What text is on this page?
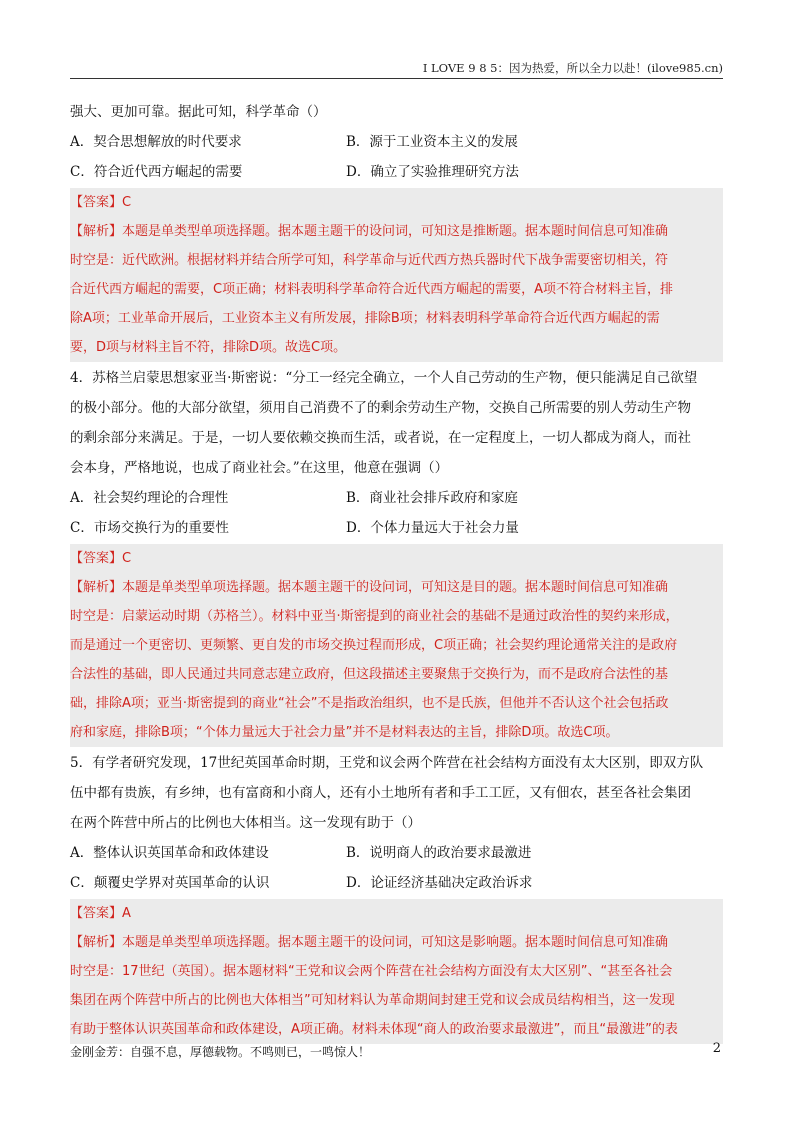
I LOVE 9 8 5：因为热爱，所以全力以赴！(ilove985.cn)
强大、更加可靠。据此可知，科学革命（）
A．契合思想解放的时代要求	B．源于工业资本主义的发展
C．符合近代西方崛起的需要	D．确立了实验推理研究方法
【答案】C
【解析】本题是单类型单项选择题。据本题主题干的设问词，可知这是推断题。据本题时间信息可知准确
时空是：近代欧洲。根据材料并结合所学可知，科学革命与近代西方热兵器时代下战争需要密切相关，符
合近代西方崛起的需要，C项正确；材料表明科学革命符合近代西方崛起的需要，A项不符合材料主旨，排
除A项；工业革命开展后，工业资本主义有所发展，排除B项；材料表明科学革命符合近代西方崛起的需
要，D项与材料主旨不符，排除D项。故选C项。
4．苏格兰启蒙思想家亚当·斯密说：“分工一经完全确立，一个人自己劳动的生产物，便只能满足自己欲望
的极小部分。他的大部分欲望，须用自己消费不了的剩余劳动生产物，交换自己所需要的别人劳动生产物
的剩余部分来满足。于是，一切人要依赖交换而生活，或者说，在一定程度上，一切人都成为商人，而社
会本身，严格地说，也成了商业社会。”在这里，他意在强调（）
A．社会契约理论的合理性	B．商业社会排斥政府和家庭
C．市场交换行为的重要性	D．个体力量远大于社会力量
【答案】C
【解析】本题是单类型单项选择题。据本题主题干的设问词，可知这是目的题。据本题时间信息可知准确
时空是：启蒙运动时期（苏格兰）。材料中亚当·斯密提到的商业社会的基础不是通过政治性的契约来形成，
而是通过一个更密切、更频繁、更自发的市场交换过程而形成，C项正确；社会契约理论通常关注的是政府
合法性的基础，即人民通过共同意志建立政府，但这段描述主要聚焦于交换行为，而不是政府合法性的基
础，排除A项；亚当·斯密提到的商业“社会”不是指政治组织，也不是氏族，但他并不否认这个社会包括政
府和家庭，排除B项；“个体力量远大于社会力量”并不是材料表达的主旨，排除D项。故选C项。
5．有学者研究发现，17世纪英国革命时期，王党和议会两个阵营在社会结构方面没有太大区别，即双方队
伍中都有贵族，有乡绅，也有富商和小商人，还有小土地所有者和手工工匠，又有佃农，甚至各社会集团
在两个阵营中所占的比例也大体相当。这一发现有助于（）
A．整体认识英国革命和政体建设	B．说明商人的政治要求最激进
C．颠覆史学界对英国革命的认识	D．论证经济基础决定政治诉求
【答案】A
【解析】本题是单类型单项选择题。据本题主题干的设问词，可知这是影响题。据本题时间信息可知准确
时空是：17世纪（英国）。据本题材料“王党和议会两个阵营在社会结构方面没有太大区别”、“甚至各社会
集团在两个阵营中所占的比例也大体相当”可知材料认为革命期间封建王党和议会成员结构相当，这一发现
有助于整体认识英国革命和政体建设，A项正确。材料未体现“商人的政治要求最激进”，而且“最激进”的表
金刚金芳：自强不息，厚德载物。不鸣则已，一鸣惊人！	2
